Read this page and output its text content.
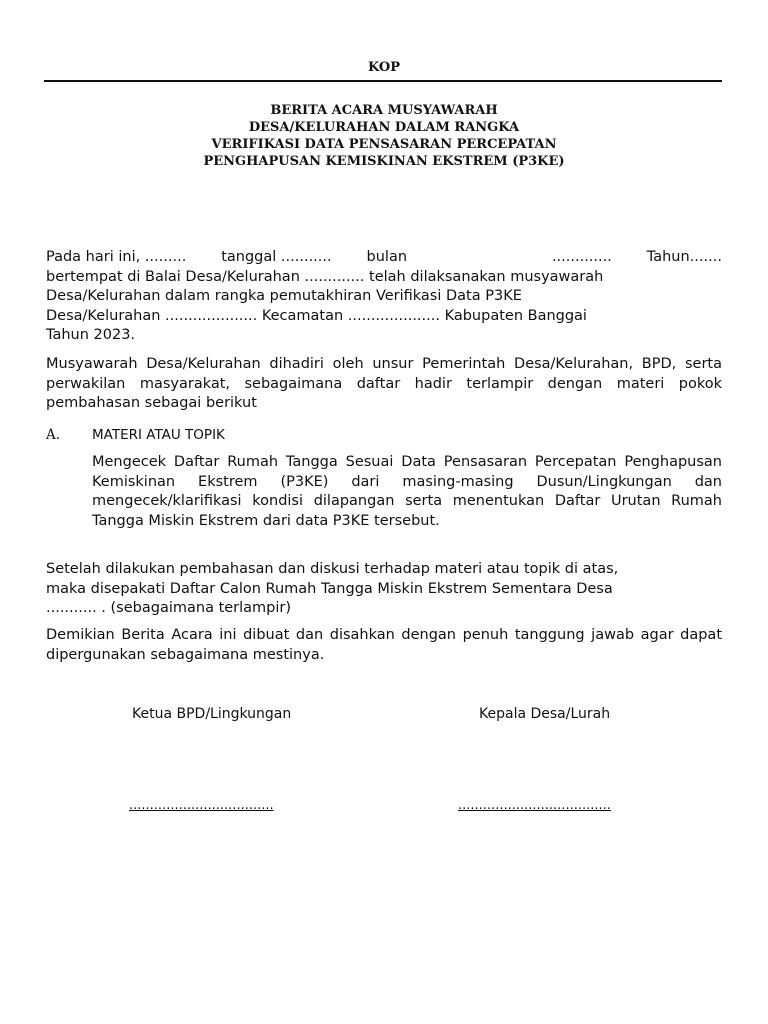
KOP
BERITA ACARA MUSYAWARAH
DESA/KELURAHAN DALAM RANGKA
VERIFIKASI DATA PENSASARAN PERCEPATAN
PENGHAPUSAN KEMISKINAN EKSTREM (P3KE)
Pada hari ini, ......... tanggal ........... bulan	............. Tahun.......
bertempat di Balai Desa/Kelurahan ............. telah dilaksanakan musyawarah
Desa/Kelurahan dalam rangka pemutakhiran Verifikasi Data P3KE
Desa/Kelurahan .................... Kecamatan .................... Kabupaten Banggai
Tahun 2023.
Musyawarah Desa/Kelurahan dihadiri oleh unsur Pemerintah Desa/Kelurahan, BPD, serta perwakilan masyarakat, sebagaimana daftar hadir terlampir dengan materi pokok pembahasan sebagai berikut
A. MATERI ATAU TOPIK
Mengecek Daftar Rumah Tangga Sesuai Data Pensasaran Percepatan Penghapusan Kemiskinan Ekstrem (P3KE) dari masing-masing Dusun/Lingkungan dan mengecek/klarifikasi kondisi dilapangan serta menentukan Daftar Urutan Rumah Tangga Miskin Ekstrem dari data P3KE tersebut.
Setelah dilakukan pembahasan dan diskusi terhadap materi atau topik di atas,
maka disepakati Daftar Calon Rumah Tangga Miskin Ekstrem Sementara Desa
........... . (sebagaimana terlampir)
Demikian Berita Acara ini dibuat dan disahkan dengan penuh tanggung jawab agar dapat dipergunakan sebagaimana mestinya.
Ketua BPD/Lingkungan	Kepala Desa/Lurah
...................................	.....................................
